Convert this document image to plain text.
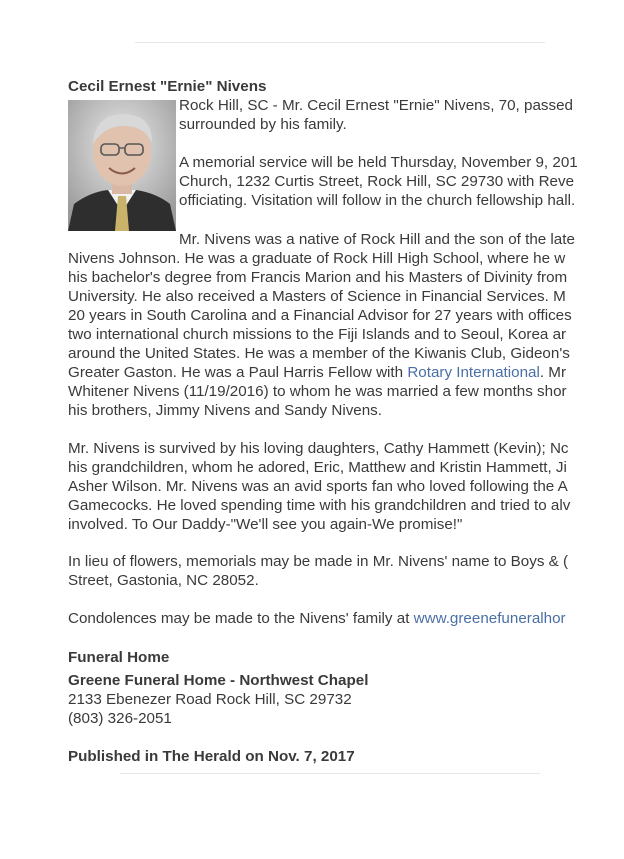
Cecil Ernest "Ernie" Nivens
Rock Hill, SC - Mr. Cecil Ernest "Ernie" Nivens, 70, passed
surrounded by his family.
A memorial service will be held Thursday, November 9, 201
Church, 1232 Curtis Street, Rock Hill, SC 29730 with Reve
officiating. Visitation will follow in the church fellowship hall.
Mr. Nivens was a native of Rock Hill and the son of the late
Nivens Johnson. He was a graduate of Rock Hill High School, where he w
his bachelor's degree from Francis Marion and his Masters of Divinity from
University. He also received a Masters of Science in Financial Services. M
20 years in South Carolina and a Financial Advisor for 27 years with offices
two international church missions to the Fiji Islands and to Seoul, Korea ar
around the United States. He was a member of the Kiwanis Club, Gideon's
Greater Gaston. He was a Paul Harris Fellow with Rotary International. Mr
Whitener Nivens (11/19/2016) to whom he was married a few months shor
his brothers, Jimmy Nivens and Sandy Nivens.
Mr. Nivens is survived by his loving daughters, Cathy Hammett (Kevin); Nc
his grandchildren, whom he adored, Eric, Matthew and Kristin Hammett, Ji
Asher Wilson. Mr. Nivens was an avid sports fan who loved following the A
Gamecocks. He loved spending time with his grandchildren and tried to alv
involved. To Our Daddy-"We'll see you again-We promise!"
In lieu of flowers, memorials may be made in Mr. Nivens' name to Boys & (
Street, Gastonia, NC 28052.
Condolences may be made to the Nivens' family at www.greenefuneralhor
Funeral Home
Greene Funeral Home - Northwest Chapel
2133 Ebenezer Road Rock Hill, SC 29732
(803) 326-2051
Published in The Herald on Nov. 7, 2017
